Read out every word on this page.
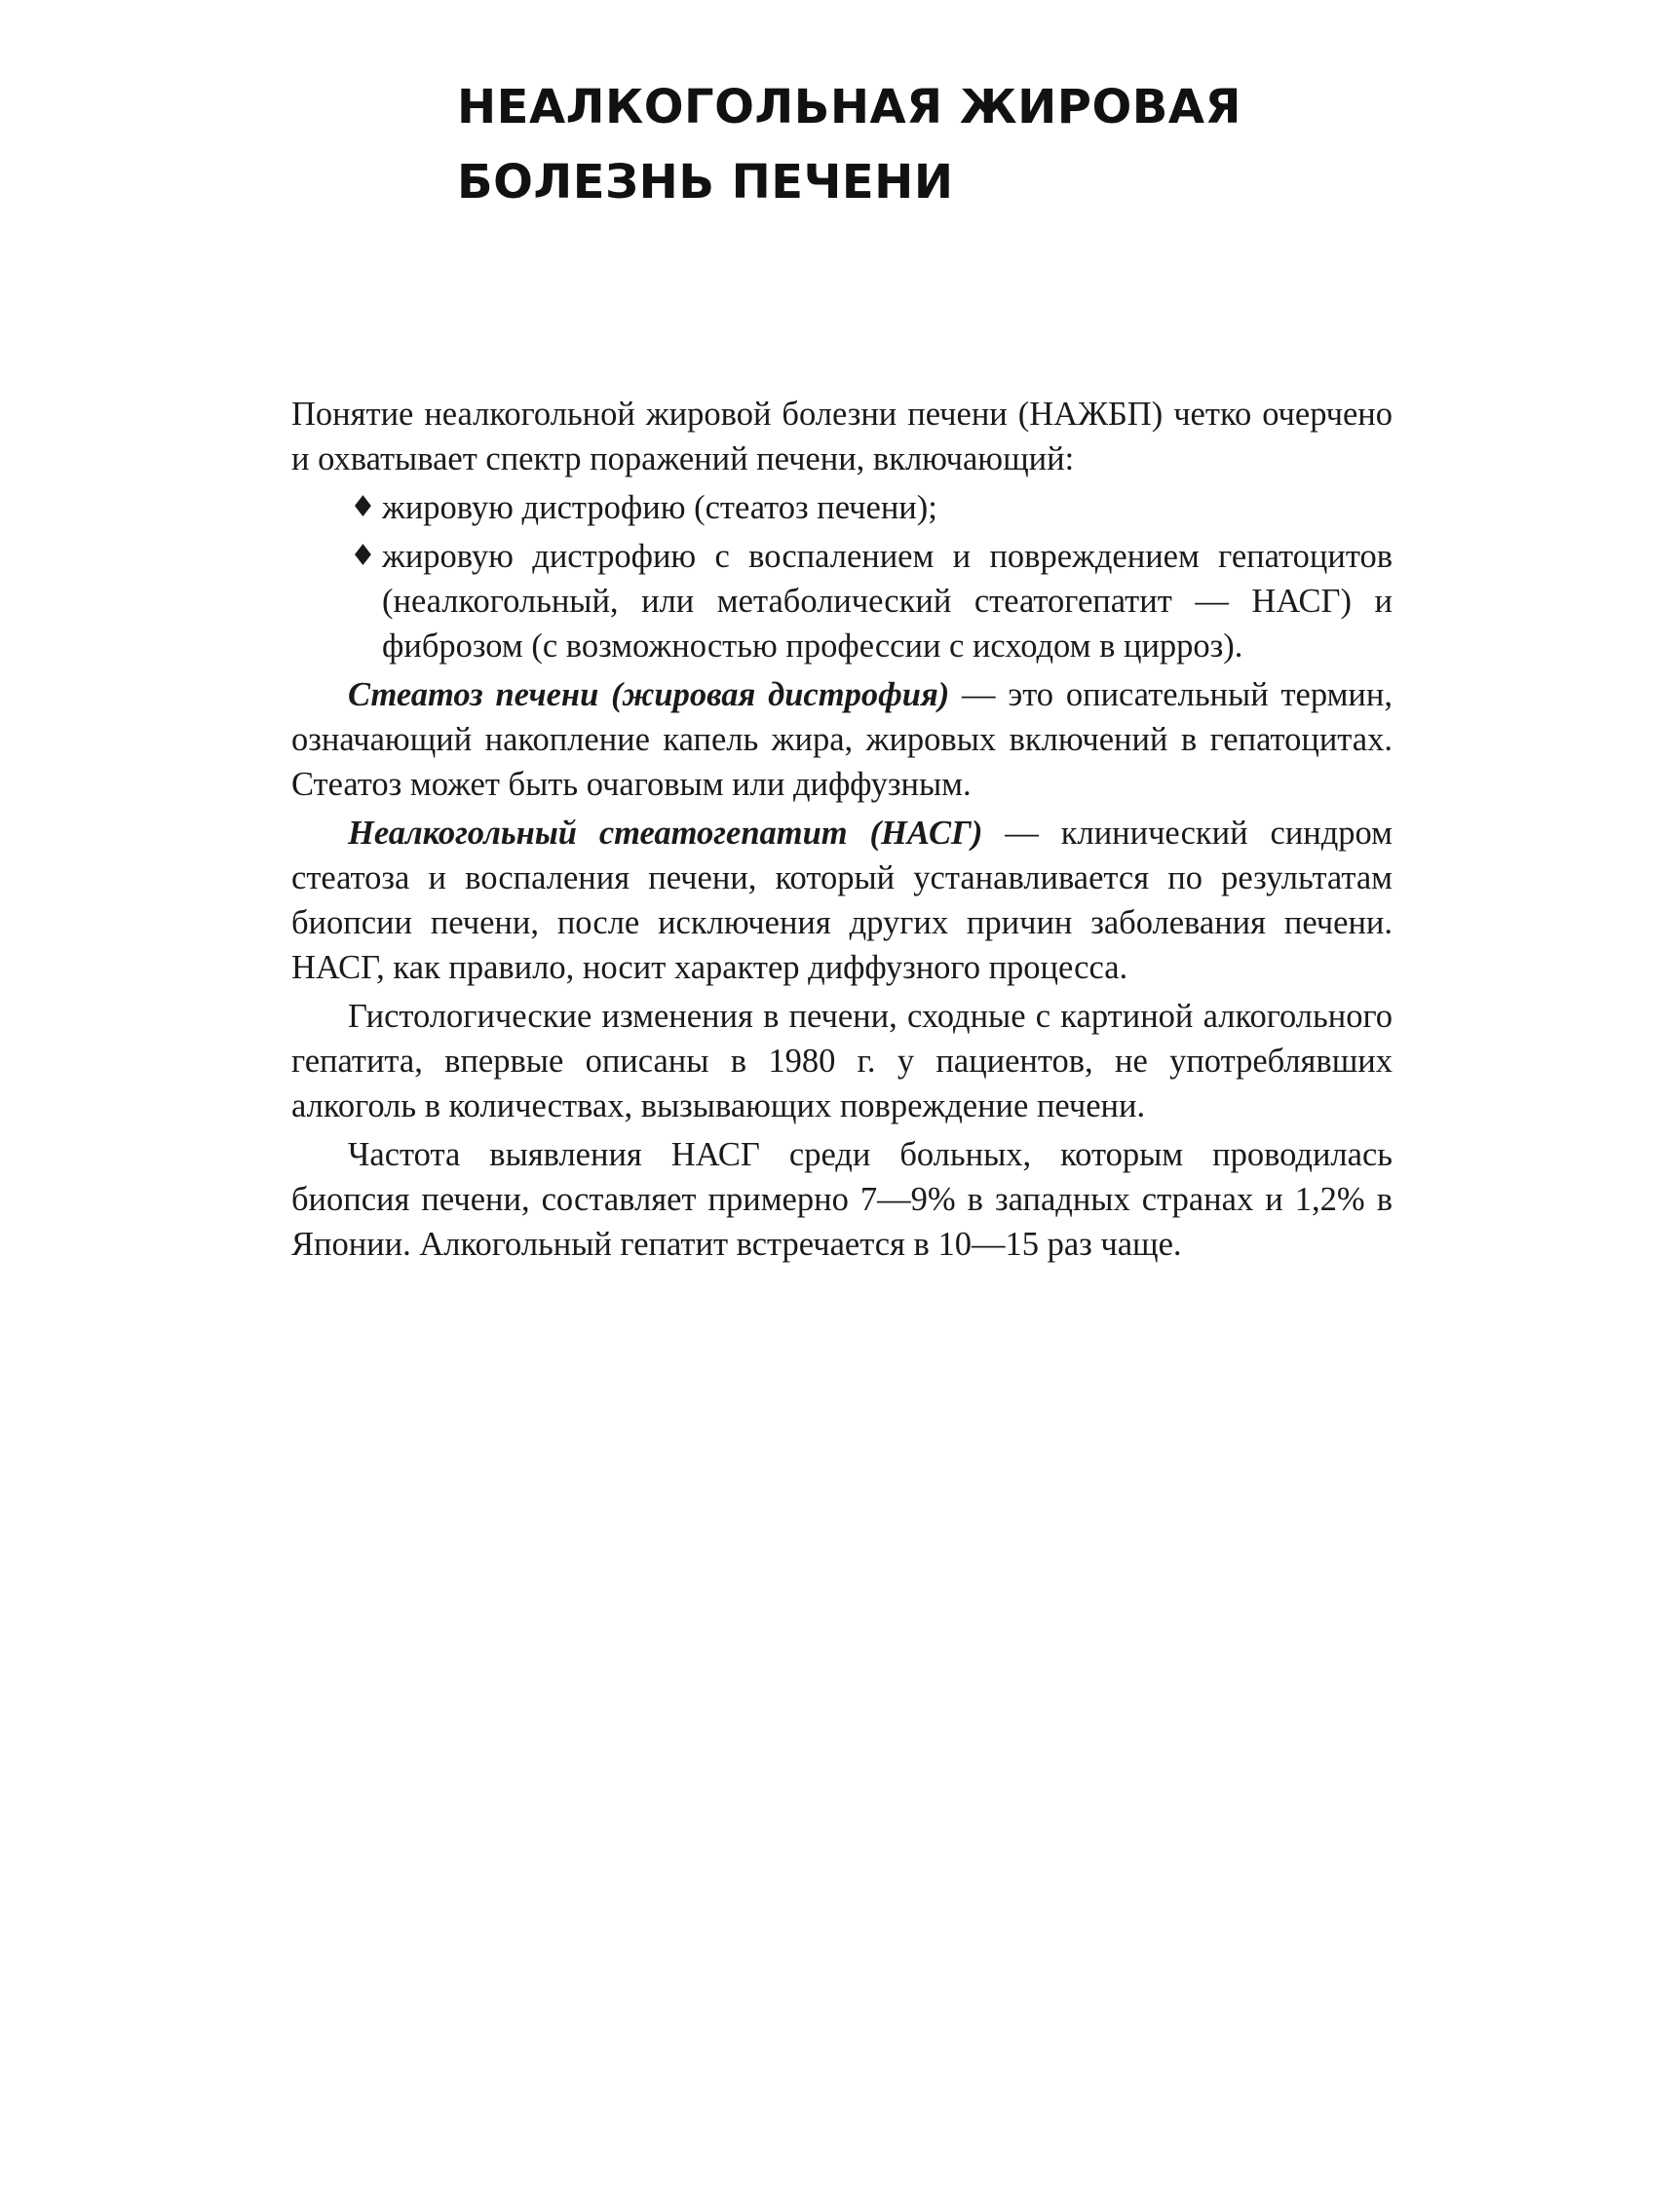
НЕАЛКОГОЛЬНАЯ ЖИРОВАЯ
БОЛЕЗНЬ ПЕЧЕНИ

Понятие неалкогольной жировой болезни печени (НАЖБП) четко очерчено и охватывает спектр поражений печени, включающий:

♦ жировую дистрофию (стеатоз печени);
♦ жировую дистрофию с воспалением и повреждением гепатоцитов (неалкогольный, или метаболический стеатогепатит — НАСГ) и фиброзом (с возможностью профессии с исходом в цирроз).

Стеатоз печени (жировая дистрофия) — это описательный термин, означающий накопление капель жира, жировых включений в гепатоцитах. Стеатоз может быть очаговым или диффузным.

Неалкогольный стеатогепатит (НАСГ) — клинический синдром стеатоза и воспаления печени, который устанавливается по результатам биопсии печени, после исключения других причин заболевания печени. НАСГ, как правило, носит характер диффузного процесса.

Гистологические изменения в печени, сходные с картиной алкогольного гепатита, впервые описаны в 1980 г. у пациентов, не употреблявших алкоголь в количествах, вызывающих повреждение печени.

Частота выявления НАСГ среди больных, которым проводилась биопсия печени, составляет примерно 7—9% в западных странах и 1,2% в Японии. Алкогольный гепатит встречается в 10—15 раз чаще.
